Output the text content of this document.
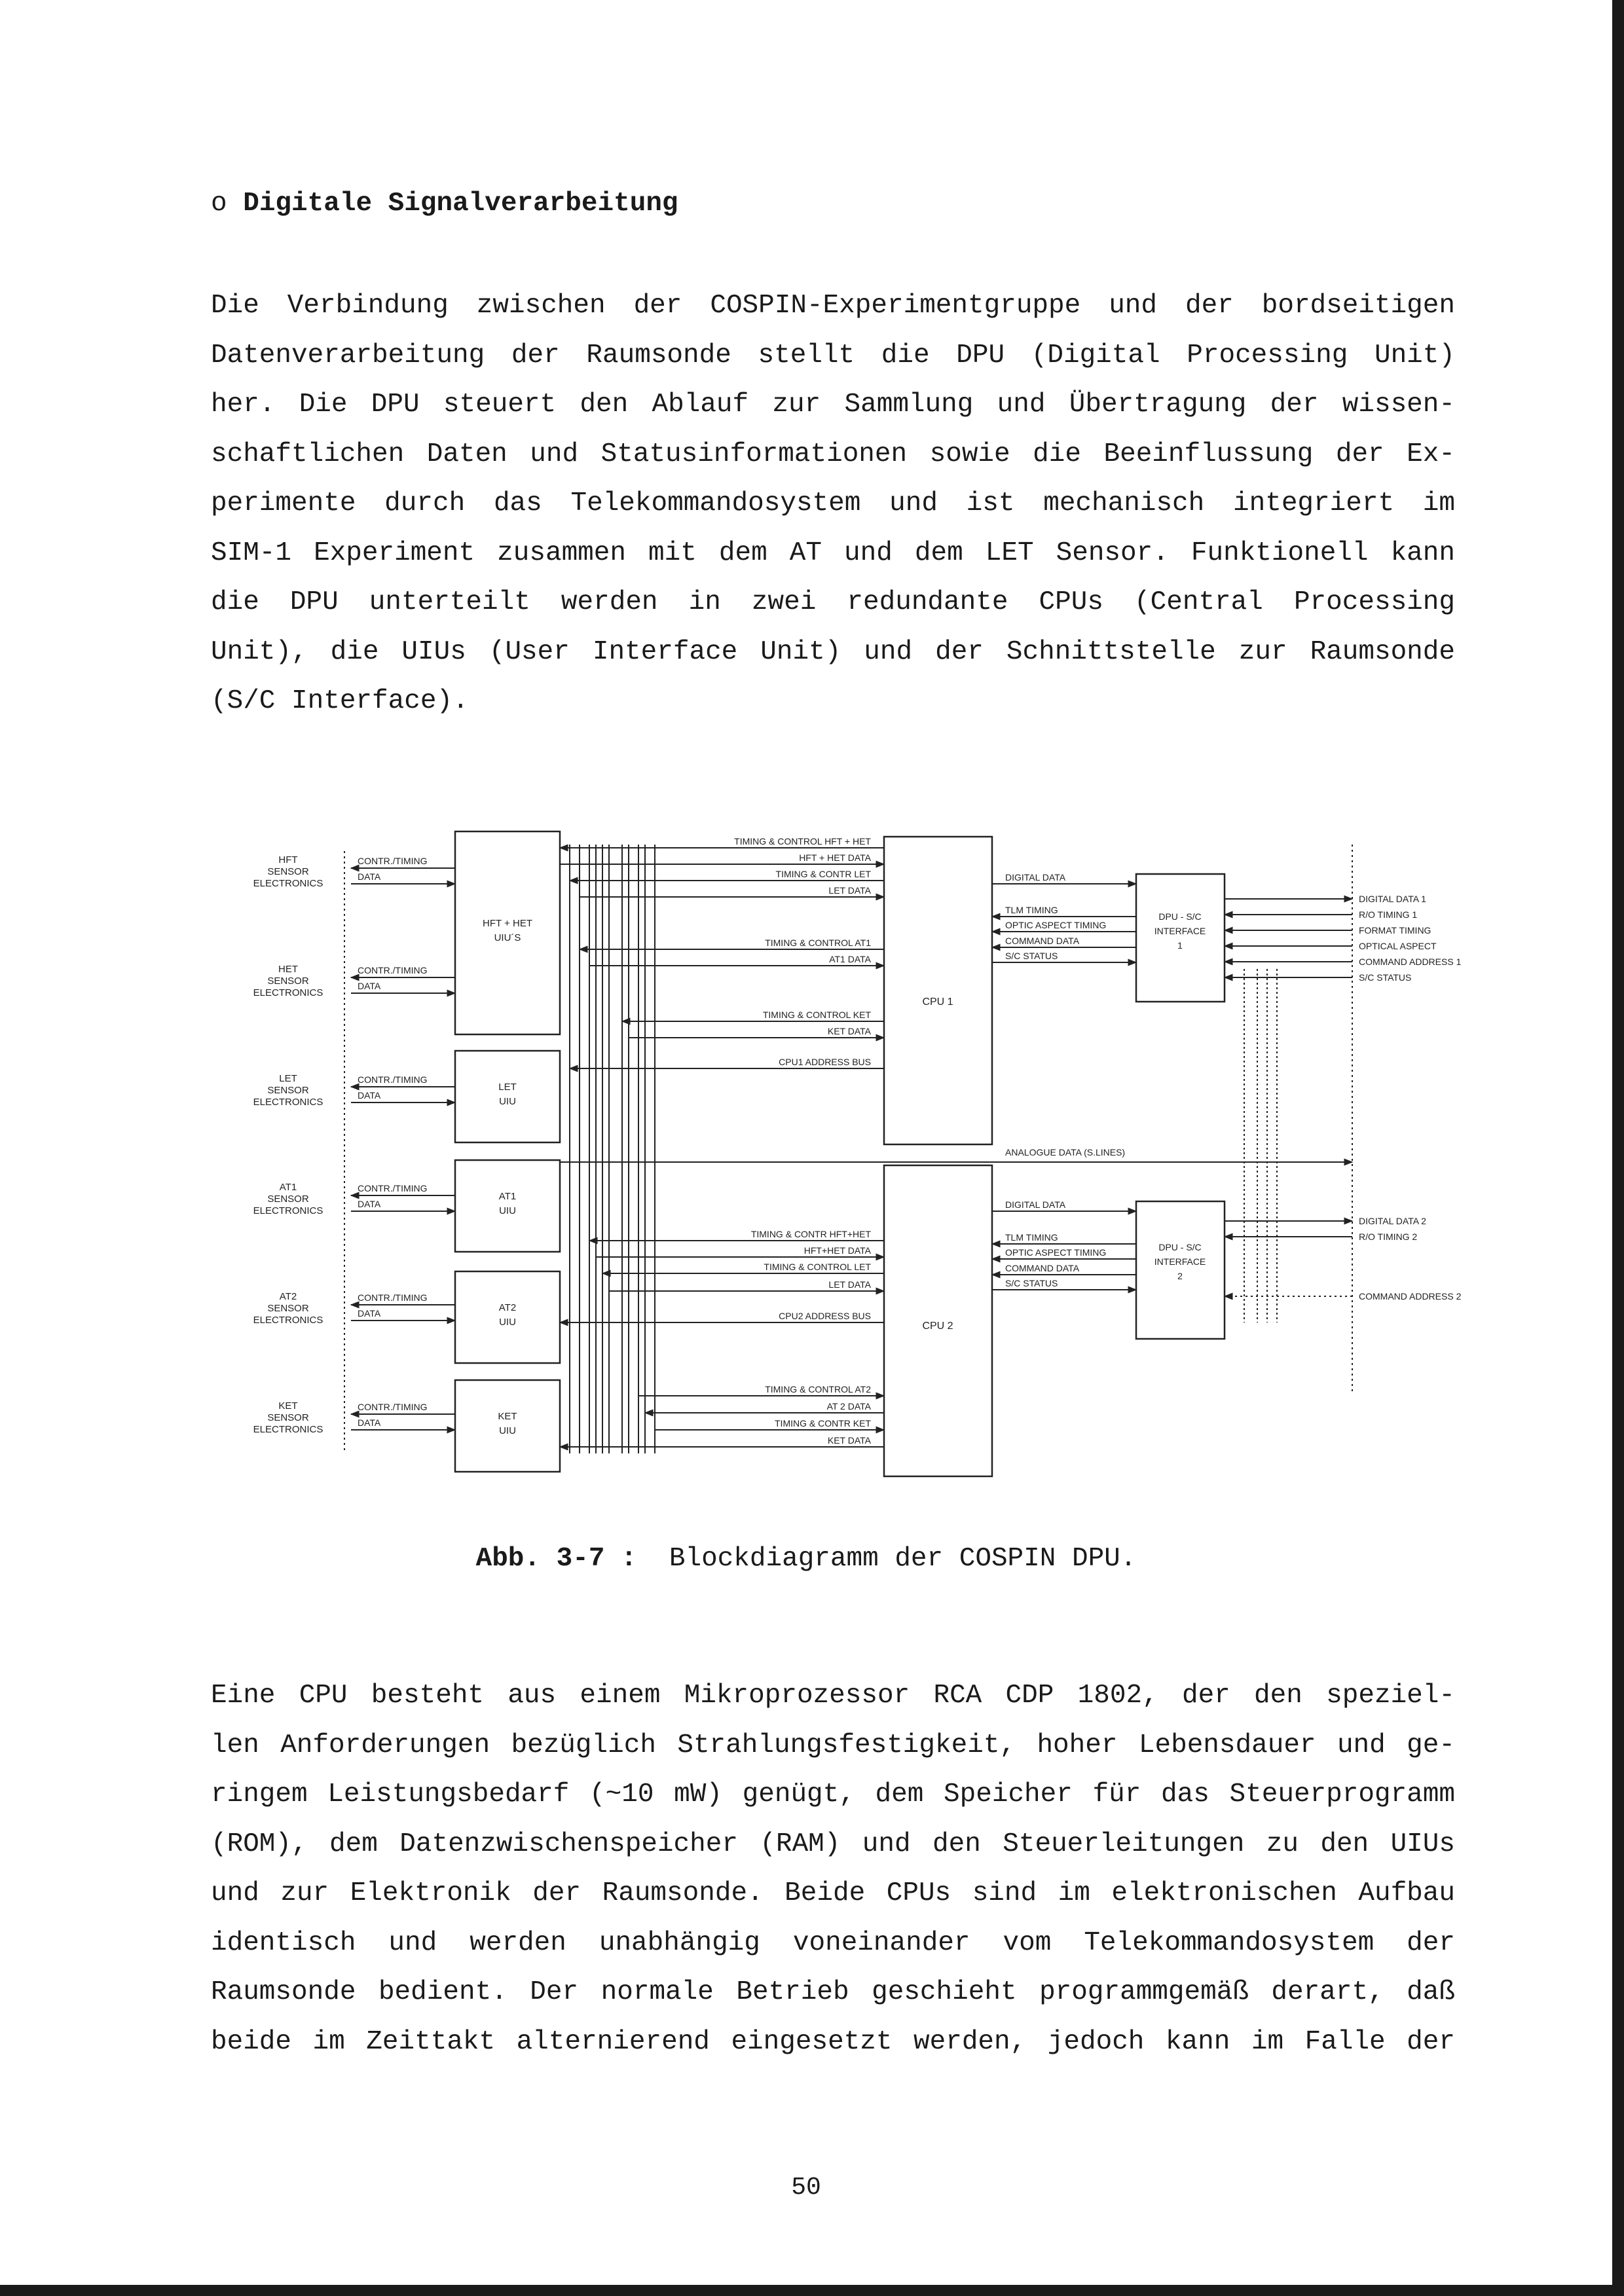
o Digitale Signalverarbeitung
Die Verbindung zwischen der COSPIN-Experimentgruppe und der bordseitigen
Datenverarbeitung der Raumsonde stellt die DPU (Digital Processing Unit)
her. Die DPU steuert den Ablauf zur Sammlung und Übertragung der wissen-
schaftlichen Daten und Statusinformationen sowie die Beeinflussung der Ex-
perimente durch das Telekommandosystem und ist mechanisch integriert im
SIM-1 Experiment zusammen mit dem AT und dem LET Sensor. Funktionell kann
die DPU unterteilt werden in zwei redundante CPUs (Central Processing
Unit), die UIUs (User Interface Unit) und der Schnittstelle zur Raumsonde
(S/C Interface).
HFT
SENSOR
ELECTRONICS
CONTR./TIMING
DATA
HET
SENSOR
ELECTRONICS
CONTR./TIMING
DATA
LET
SENSOR
ELECTRONICS
CONTR./TIMING
DATA
AT1
SENSOR
ELECTRONICS
CONTR./TIMING
DATA
AT2
SENSOR
ELECTRONICS
CONTR./TIMING
DATA
KET
SENSOR
ELECTRONICS
CONTR./TIMING
DATA
HFT + HET
UIU´S
LET
UIU
AT1
UIU
AT2
UIU
KET
UIU
CPU 1
CPU 2
TIMING & CONTROL HFT + HET
HFT + HET DATA
TIMING & CONTR LET
LET DATA
TIMING & CONTROL AT1
AT1 DATA
TIMING & CONTROL KET
KET DATA
CPU1 ADDRESS BUS
TIMING & CONTR HFT+HET
HFT+HET DATA
TIMING & CONTROL LET
LET DATA
CPU2 ADDRESS BUS
TIMING & CONTROL AT2
AT 2 DATA
TIMING & CONTR KET
KET DATA
DPU - S/C
INTERFACE
1
DPU - S/C
INTERFACE
2
DIGITAL DATA
DIGITAL DATA
TLM TIMING
TLM TIMING
OPTIC ASPECT TIMING
OPTIC ASPECT TIMING
COMMAND DATA
COMMAND DATA
S/C STATUS
S/C STATUS
ANALOGUE DATA (S.LINES)
DIGITAL DATA 1
R/O TIMING 1
FORMAT TIMING
OPTICAL ASPECT
COMMAND ADDRESS 1
S/C STATUS
DIGITAL DATA 2
R/O TIMING 2
COMMAND ADDRESS 2

Abb. 3-7 : Blockdiagramm der COSPIN DPU.

Eine CPU besteht aus einem Mikroprozessor RCA CDP 1802, der den speziel-
len Anforderungen bezüglich Strahlungsfestigkeit, hoher Lebensdauer und ge-
ringem Leistungsbedarf (~10 mW) genügt, dem Speicher für das Steuerprogramm
(ROM), dem Datenzwischenspeicher (RAM) und den Steuerleitungen zu den UIUs
und zur Elektronik der Raumsonde. Beide CPUs sind im elektronischen Aufbau
identisch und werden unabhängig voneinander vom Telekommandosystem der
Raumsonde bedient. Der normale Betrieb geschieht programmgemäß derart, daß
beide im Zeittakt alternierend eingesetzt werden, jedoch kann im Falle der

50
